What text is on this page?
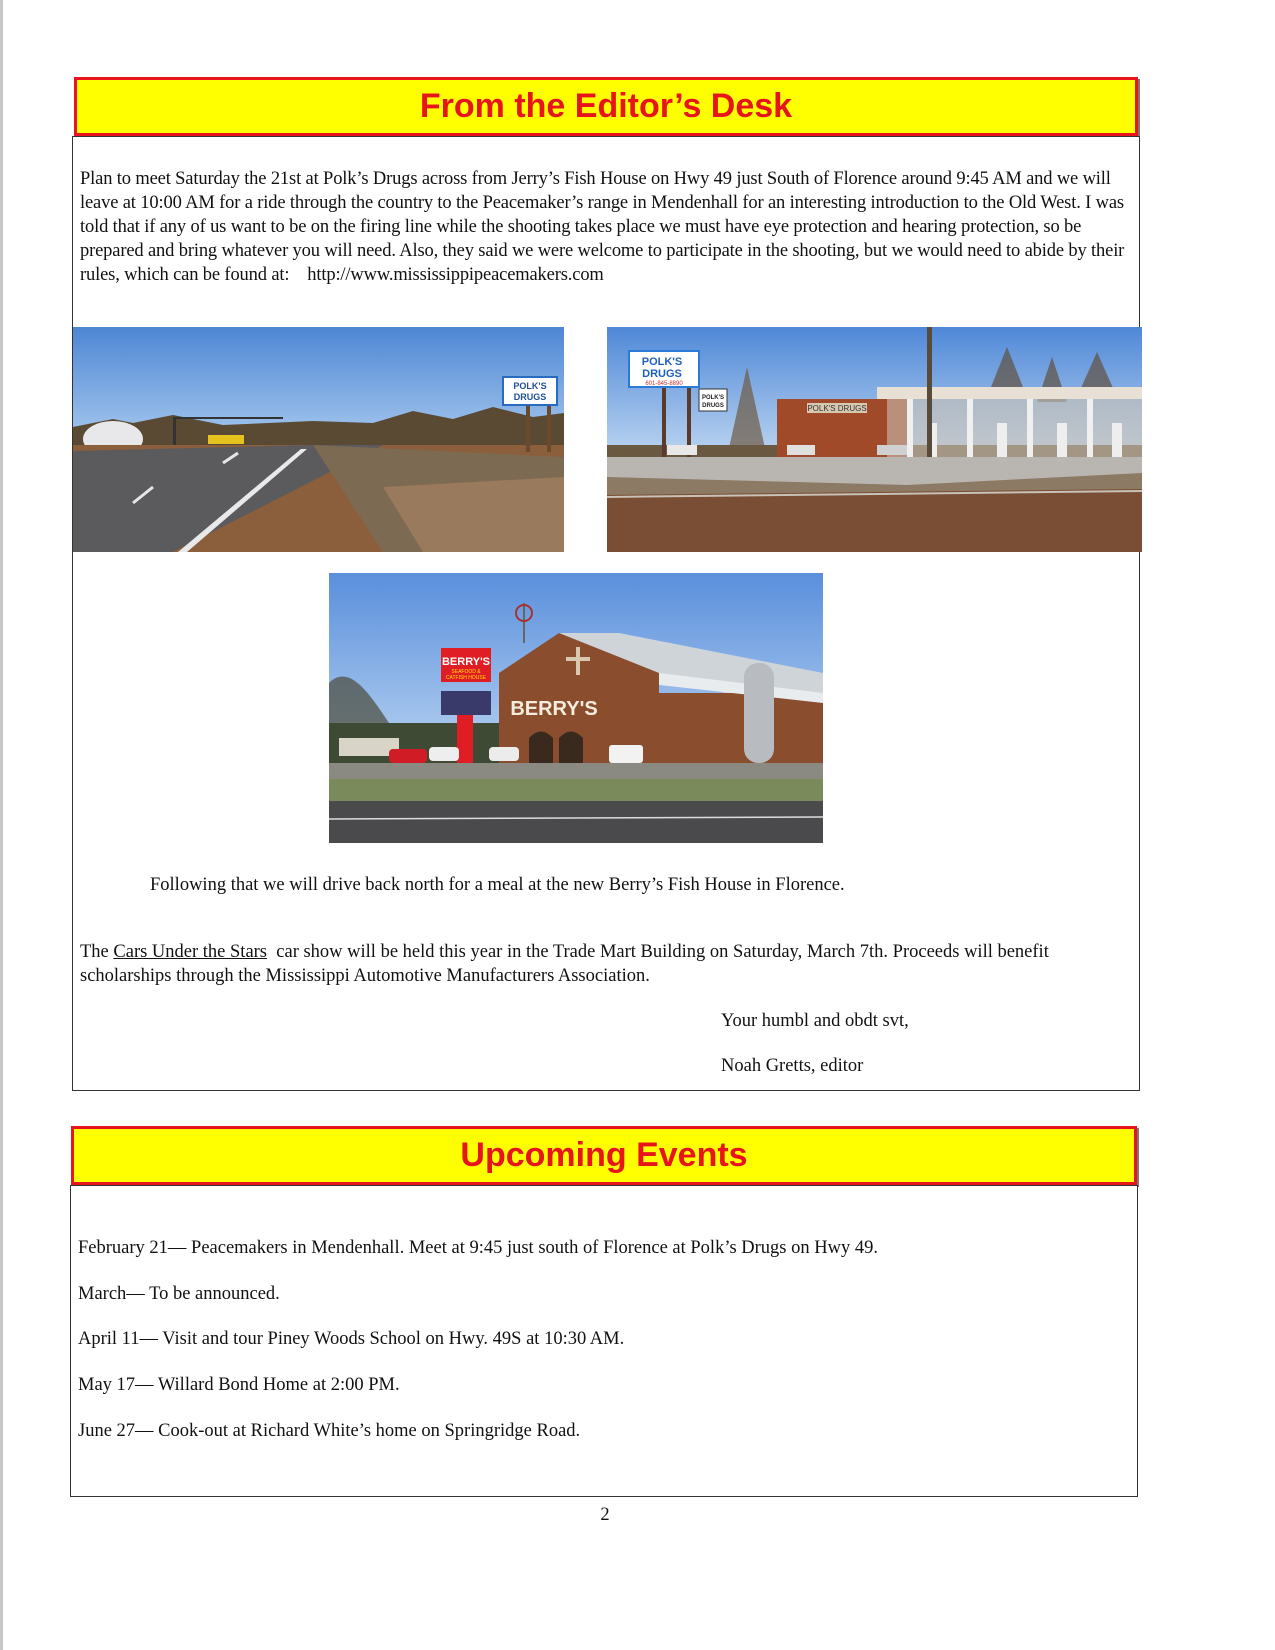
From the Editor’s Desk

Plan to meet Saturday the 21st at Polk’s Drugs across from Jerry’s Fish House on Hwy 49 just South of Florence around 9:45 AM and we will leave at 10:00 AM for a ride through the country to the Peacemaker’s range in Mendenhall for an interesting introduction to the Old West. I was told that if any of us want to be on the firing line while the shooting takes place we must have eye protection and hearing protection, so be prepared and bring whatever you will need. Also, they said we were welcome to participate in the shooting, but we would need to abide by their rules, which can be found at: http://www.mississippipeacemakers.com

POLK'S
DRUGS
POLK'S DRUGS
POLK'S
DRUGS
601-845-8890
POLK'S
DRUGS
BERRY'S
BERRY'S
SEAFOOD &
CATFISH HOUSE

Following that we will drive back north for a meal at the new Berry’s Fish House in Florence.

The Cars Under the Stars car show will be held this year in the Trade Mart Building on Saturday, March 7th. Proceeds will benefit scholarships through the Mississippi Automotive Manufacturers Association.

Your humbl and obdt svt,

Noah Gretts, editor

Upcoming Events

February 21— Peacemakers in Mendenhall. Meet at 9:45 just south of Florence at Polk’s Drugs on Hwy 49.

March— To be announced.

April 11— Visit and tour Piney Woods School on Hwy. 49S at 10:30 AM.

May 17— Willard Bond Home at 2:00 PM.

June 27— Cook-out at Richard White’s home on Springridge Road.

2
